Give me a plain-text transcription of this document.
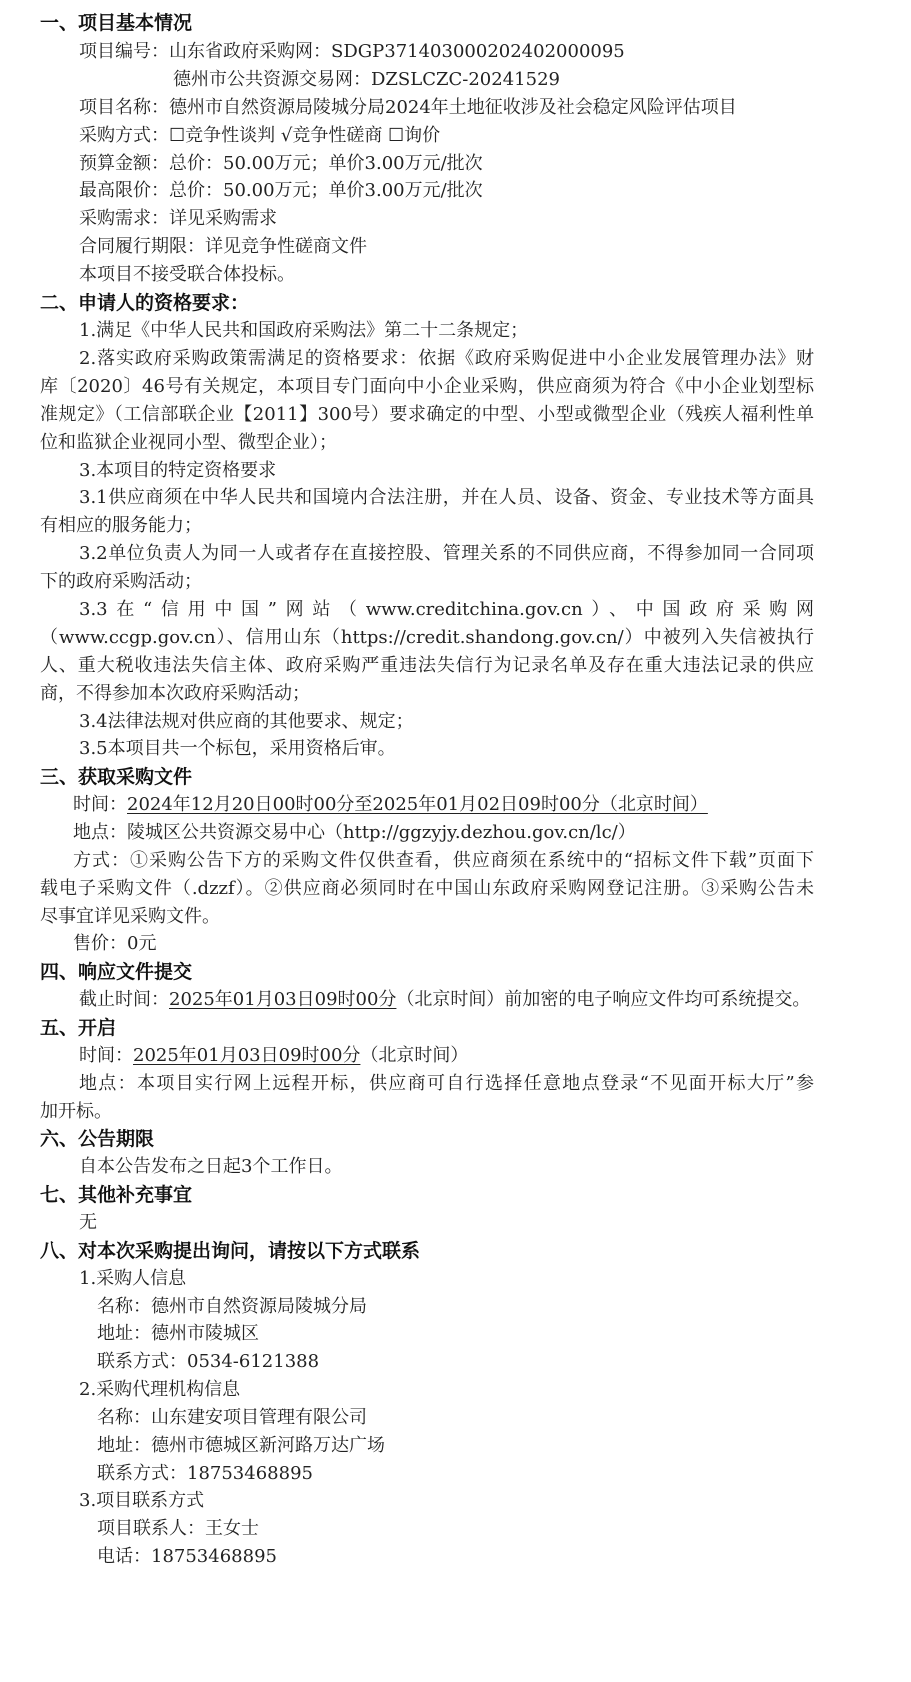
一、项目基本情况
项目编号：山东省政府采购网：SDGP371403000202402000095
德州市公共资源交易网：DZSLCZC-20241529
项目名称：德州市自然资源局陵城分局2024年土地征收涉及社会稳定风险评估项目
采购方式：☐竞争性谈判 √竞争性磋商 ☐询价
预算金额：总价：50.00万元；单价3.00万元/批次
最高限价：总价：50.00万元；单价3.00万元/批次
采购需求：详见采购需求
合同履行期限：详见竞争性磋商文件
本项目不接受联合体投标。
二、申请人的资格要求：
1.满足《中华人民共和国政府采购法》第二十二条规定；
2.落实政府采购政策需满足的资格要求：依据《政府采购促进中小企业发展管理办法》财
库〔2020〕46号有关规定，本项目专门面向中小企业采购，供应商须为符合《中小企业划型标
准规定》（工信部联企业【2011】300号）要求确定的中型、小型或微型企业（残疾人福利性单
位和监狱企业视同小型、微型企业）；
3.本项目的特定资格要求
3.1供应商须在中华人民共和国境内合法注册，并在人员、设备、资金、专业技术等方面具
有相应的服务能力；
3.2单位负责人为同一人或者存在直接控股、管理关系的不同供应商，不得参加同一合同项
下的政府采购活动；
3.3在“信用中国”网站（www.creditchina.gov.cn）、中国政府采购网
（www.ccgp.gov.cn）、信用山东（https://credit.shandong.gov.cn/）中被列入失信被执行
人、重大税收违法失信主体、政府采购严重违法失信行为记录名单及存在重大违法记录的供应
商，不得参加本次政府采购活动；
3.4法律法规对供应商的其他要求、规定；
3.5本项目共一个标包，采用资格后审。
三、获取采购文件
时间：2024年12月20日00时00分至2025年01月02日09时00分（北京时间）
地点：陵城区公共资源交易中心（http://ggzyjy.dezhou.gov.cn/lc/）
方式：①采购公告下方的采购文件仅供查看，供应商须在系统中的“招标文件下载”页面下
载电子采购文件（.dzzf）。②供应商必须同时在中国山东政府采购网登记注册。③采购公告未
尽事宜详见采购文件。
售价：0元
四、响应文件提交
截止时间：2025年01月03日09时00分（北京时间）前加密的电子响应文件均可系统提交。
五、开启
时间：2025年01月03日09时00分（北京时间）
地点：本项目实行网上远程开标，供应商可自行选择任意地点登录“不见面开标大厅”参
加开标。
六、公告期限
自本公告发布之日起3个工作日。
七、其他补充事宜
无
八、对本次采购提出询问，请按以下方式联系
1.采购人信息
名称：德州市自然资源局陵城分局
地址：德州市陵城区
联系方式：0534-6121388
2.采购代理机构信息
名称：山东建安项目管理有限公司
地址：德州市德城区新河路万达广场
联系方式：18753468895
3.项目联系方式
项目联系人：王女士
电话：18753468895
